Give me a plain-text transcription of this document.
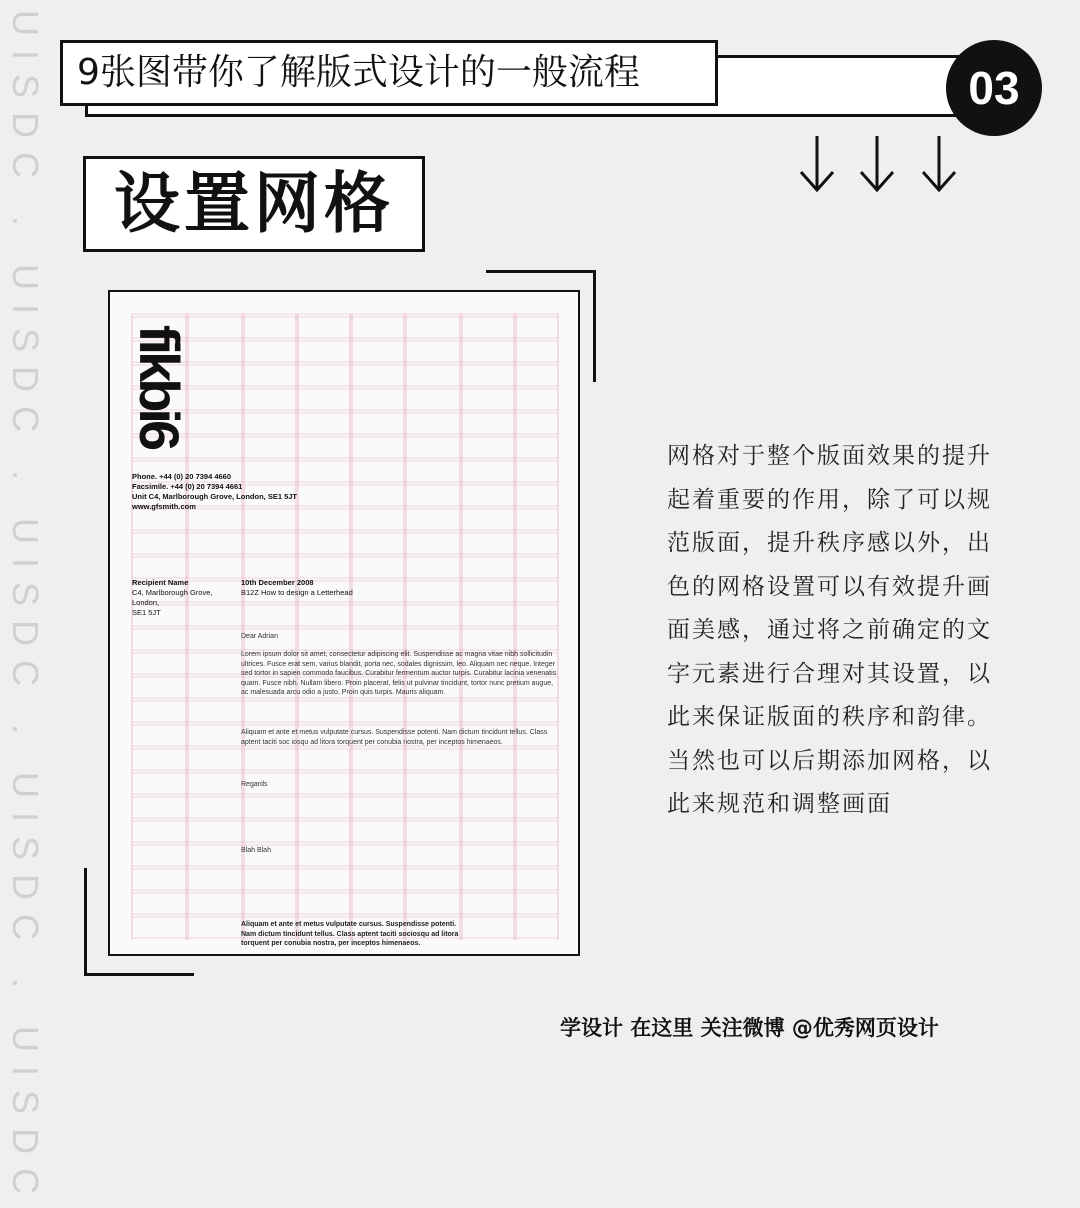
UISDC . UISDC . UISDC . UISDC . UISDC 9张图带你了解版式设计的一般流程	03
设置网格
fikbi6
Phone. +44 (0) 20 7394 4660
Facsimile. +44 (0) 20 7394 4661
Unit C4, Marlborough Grove, London, SE1 5JT
www.gfsmith.com
Recipient Name
C4, Marlborough Grove,
London,
SE1 5JT
10th December 2008
B12Z How to design a Letterhead
Dear Adrian
Lorem ipsum dolor sit amet, consectetur adipiscing elit. Suspendisse ac magna vitae nibh sollicitudin ultrices. Fusce erat sem, varius blandit, porta nec, sodales dignissim, leo. Aliquam nec neque. Integer sed tortor in sapien commodo faucibus. Curabitur fermentum auctor turpis. Curabitur lacinia venenatis quam. Fusce nibh. Nullam libero. Proin placerat, felis ut pulvinar tincidunt, tortor nunc pretium augue, ac malesuada arcu odio a justo. Proin quis turpis. Mauris aliquam.
Aliquam et ante et metus vulputate cursus. Suspendisse potenti. Nam dictum tincidunt tellus. Class aptent taciti soc iosqu ad litora torquent per conubia nostra, per inceptos himenaeos.
Regards
Blah Blah
Aliquam et ante et metus vulputate cursus. Suspendisse potenti. Nam dictum tincidunt tellus. Class aptent taciti sociosqu ad litora torquent per conubia nostra, per inceptos himenaeos.
网格对于整个版面效果的提升
起着重要的作用，除了可以规
范版面，提升秩序感以外，出
色的网格设置可以有效提升画
面美感，通过将之前确定的文
字元素进行合理对其设置，以
此来保证版面的秩序和韵律。
当然也可以后期添加网格，以
此来规范和调整画面
学设计 在这里 关注微博 @优秀网页设计
